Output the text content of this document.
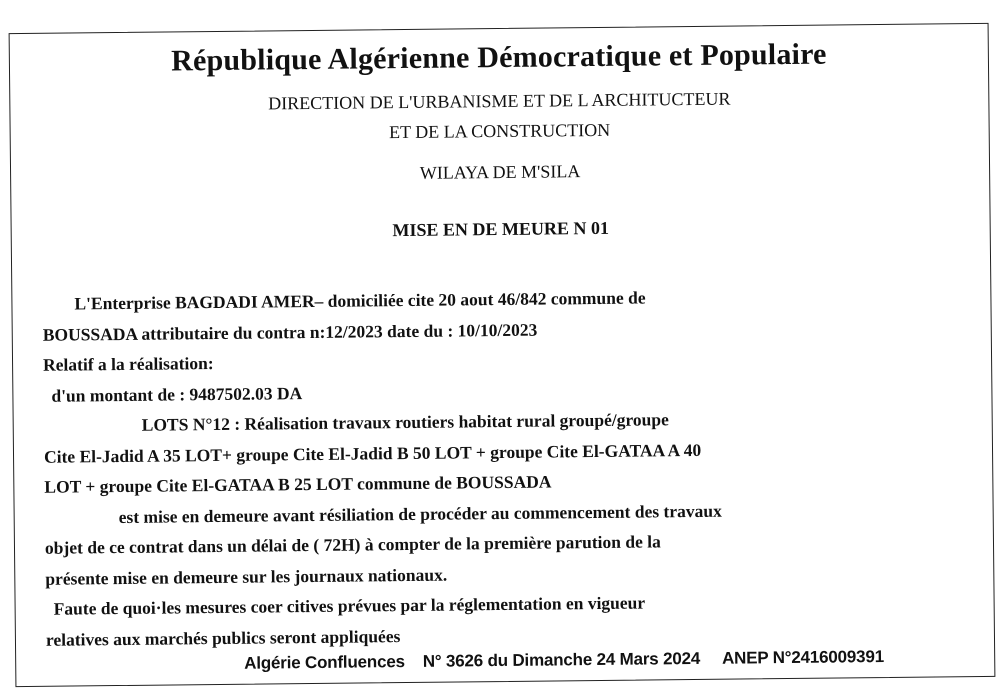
République Algérienne Démocratique et Populaire
DIRECTION DE L'URBANISME ET DE L ARCHITUCTEUR
ET DE LA CONSTRUCTION
WILAYA DE M'SILA
MISE EN DE MEURE N 01
L'Enterprise BAGDADI AMER– domiciliée cite 20 aout 46/842 commune de
BOUSSADA attributaire du contra n:12/2023 date du : 10/10/2023
Relatif a la réalisation:
d'un montant de : 9487502.03 DA
LOTS N°12 : Réalisation travaux routiers habitat rural groupé/groupe
Cite El-Jadid A 35 LOT+ groupe Cite El-Jadid B 50 LOT + groupe Cite El-GATAA A 40
LOT + groupe Cite El-GATAA B 25 LOT commune de BOUSSADA
est mise en demeure avant résiliation de procéder au commencement des travaux
objet de ce contrat dans un délai de ( 72H) à compter de la première parution de la
présente mise en demeure sur les journaux nationaux.
Faute de quoi·les mesures coer citives prévues par la réglementation en vigueur
relatives aux marchés publics seront appliquées
Algérie Confluences N° 3626 du Dimanche 24 Mars 2024 ANEP N°2416009391
